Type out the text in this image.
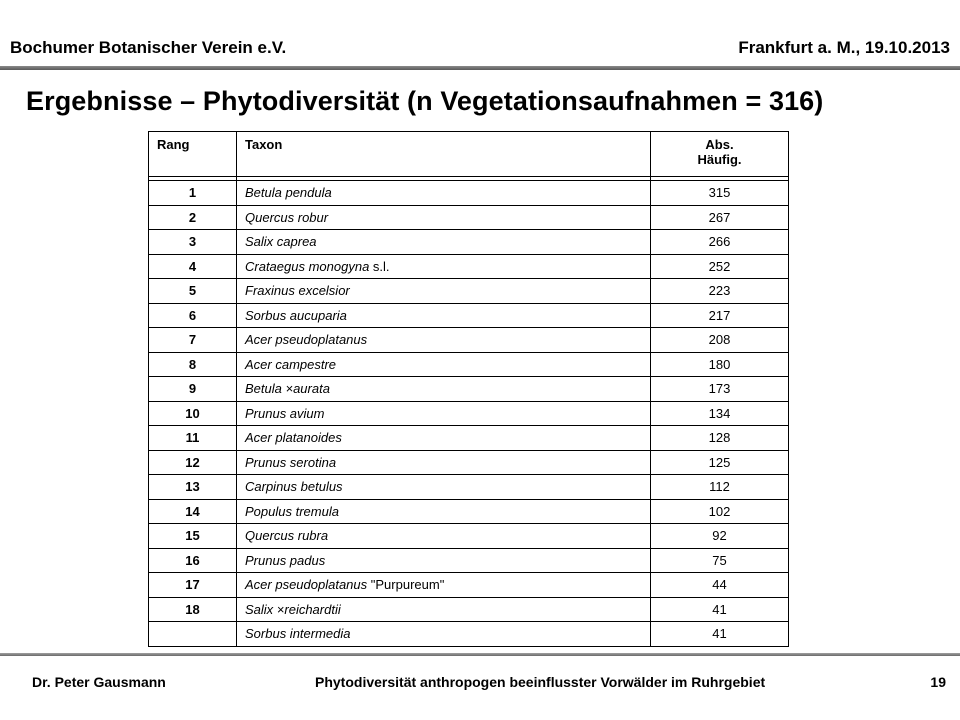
Bochumer Botanischer Verein e.V.	Frankfurt a. M., 19.10.2013
Ergebnisse – Phytodiversität (n Vegetationsaufnahmen = 316)
Rang	Taxon	Abs.
Häufig.

1	Betula pendula	315
2	Quercus robur	267
3	Salix caprea	266
4	Crataegus monogyna s.l.	252
5	Fraxinus excelsior	223
6	Sorbus aucuparia	217
7	Acer pseudoplatanus	208
8	Acer campestre	180
9	Betula ×aurata	173
10	Prunus avium	134
11	Acer platanoides	128
12	Prunus serotina	125
13	Carpinus betulus	112
14	Populus tremula	102
15	Quercus rubra	92
16	Prunus padus	75
17	Acer pseudoplatanus "Purpureum"	44
18	Salix ×reichardtii	41
	Sorbus intermedia	41
Dr. Peter Gausmann	Phytodiversität anthropogen beeinflusster Vorwälder im Ruhrgebiet	19
